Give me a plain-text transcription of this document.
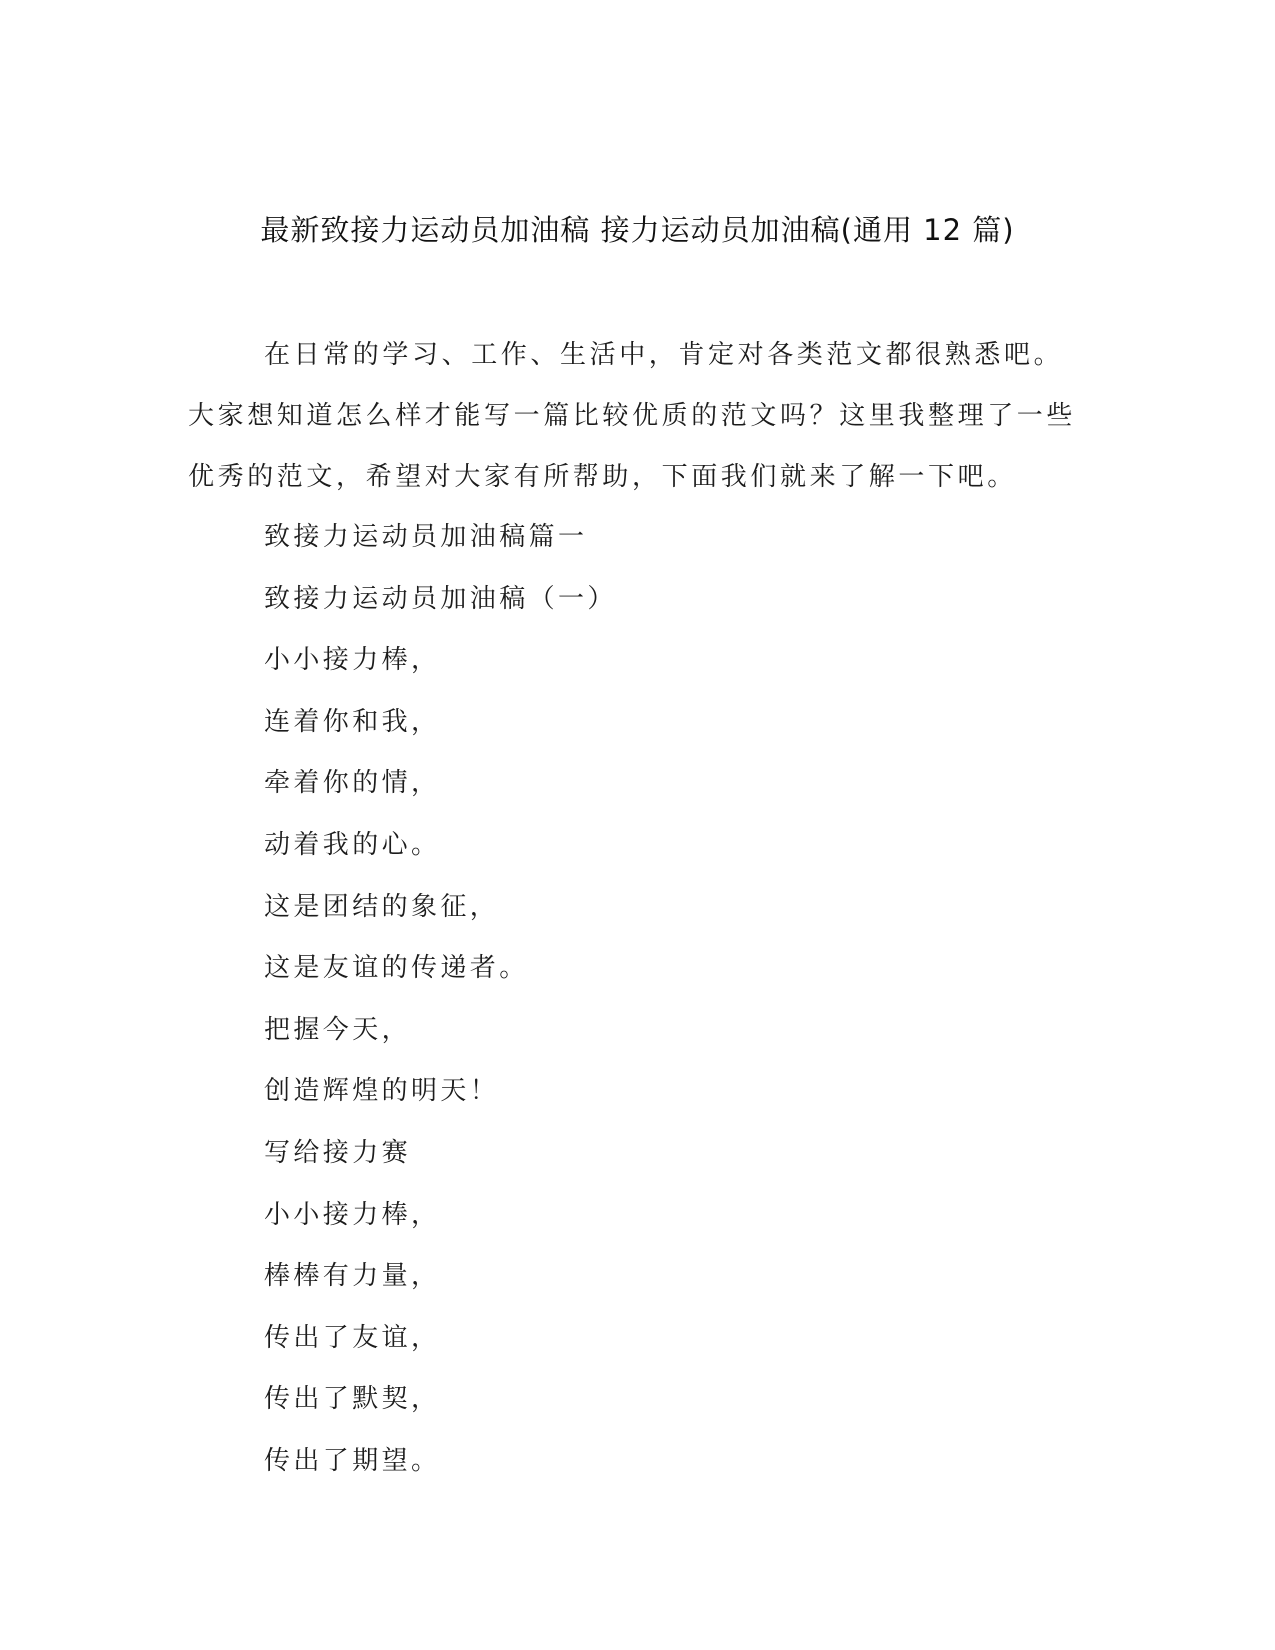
最新致接力运动员加油稿 接力运动员加油稿(通用 12 篇)

在日常的学习、工作、生活中，肯定对各类范文都很熟悉吧。大家想知道怎么样才能写一篇比较优质的范文吗？这里我整理了一些优秀的范文，希望对大家有所帮助，下面我们就来了解一下吧。

致接力运动员加油稿篇一
致接力运动员加油稿（一）
小小接力棒，
连着你和我，
牵着你的情，
动着我的心。
这是团结的象征，
这是友谊的传递者。
把握今天，
创造辉煌的明天！
写给接力赛
小小接力棒，
棒棒有力量，
传出了友谊，
传出了默契，
传出了期望。
